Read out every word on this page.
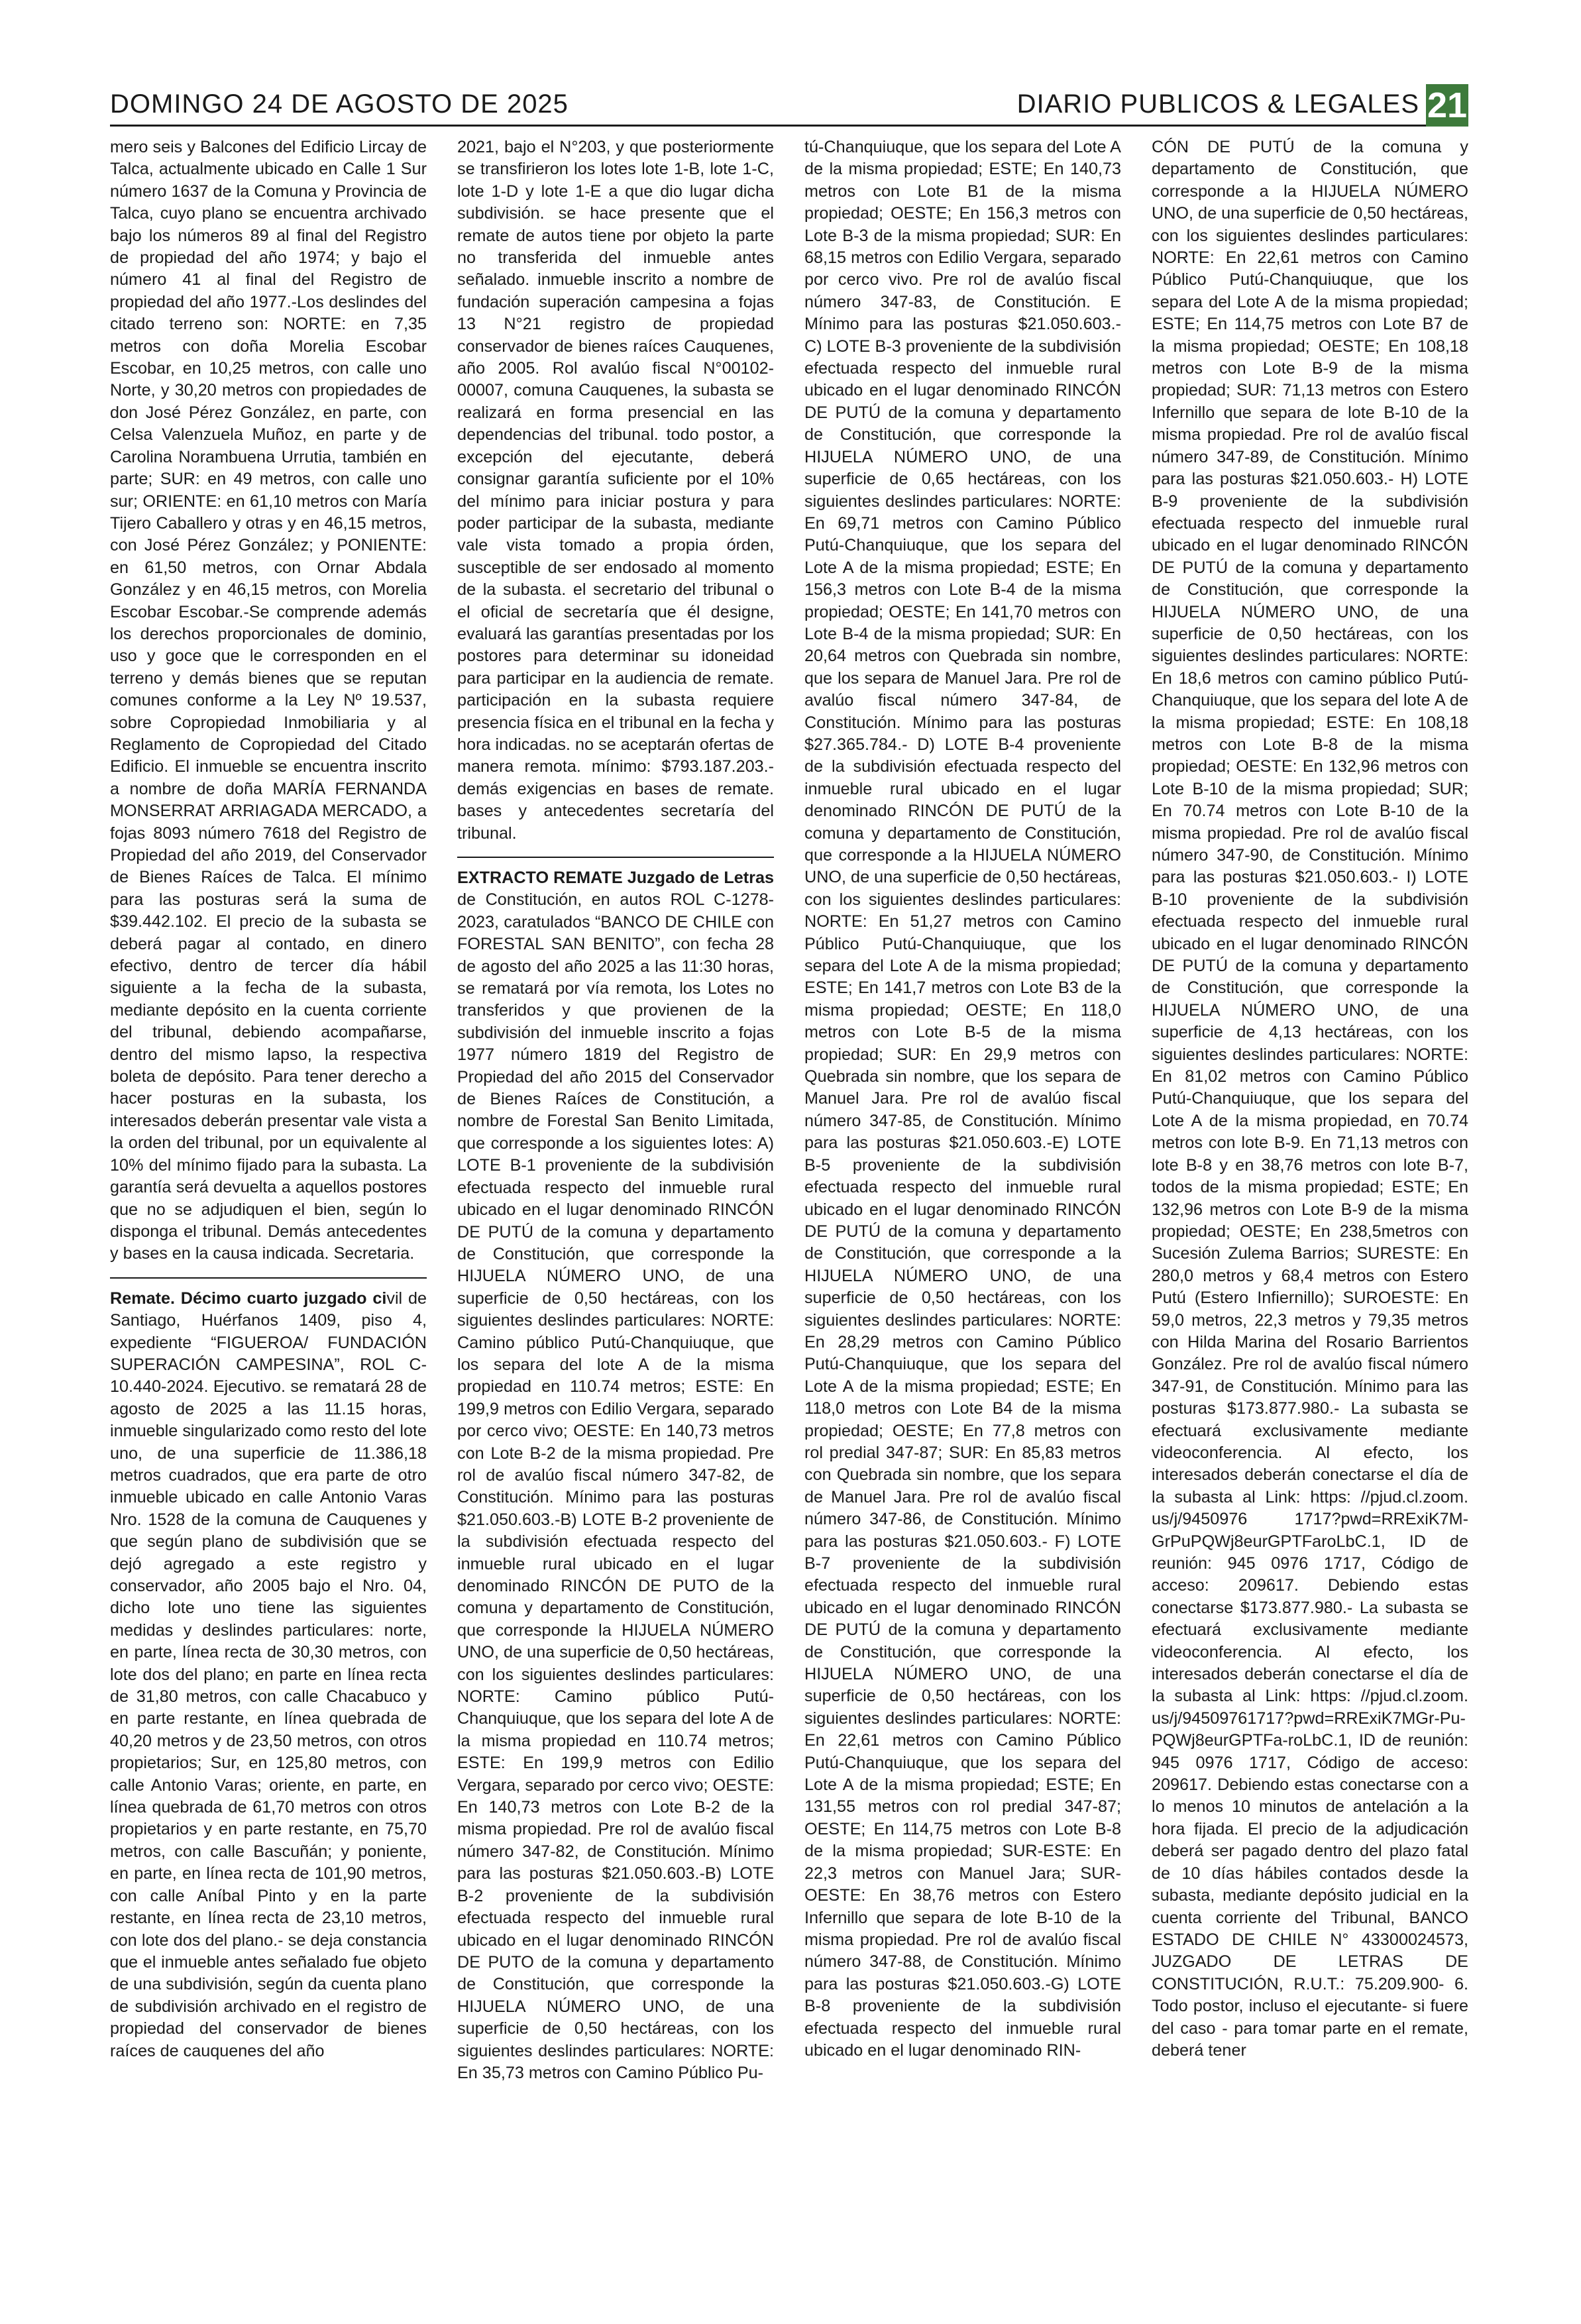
DOMINGO 24 DE AGOSTO DE 2025	DIARIO PUBLICOS & LEGALES 21

mero seis y Balcones del Edificio Lircay de Talca, actualmente ubicado en Calle 1 Sur número 1637 de la Comuna y Provincia de Talca, cuyo plano se encuentra archivado bajo los números 89 al final del Registro de propiedad del año 1974; y bajo el número 41 al final del Registro de propiedad del año 1977.-Los deslindes del citado terreno son: NORTE: en 7,35 metros con doña Morelia Escobar Escobar, en 10,25 metros, con calle uno Norte, y 30,20 metros con propiedades de don José Pérez González, en parte, con Celsa Valenzuela Muñoz, en parte y de Carolina Norambuena Urrutia, también en parte; SUR: en 49 metros, con calle uno sur; ORIENTE: en 61,10 metros con María Tijero Caballero y otras y en 46,15 metros, con José Pérez González; y PONIENTE: en 61,50 metros, con Ornar Abdala González y en 46,15 metros, con Morelia Escobar Escobar.-Se comprende además los derechos proporcionales de dominio, uso y goce que le corresponden en el terreno y demás bienes que se reputan comunes conforme a la Ley Nº 19.537, sobre Copropiedad Inmobiliaria y al Reglamento de Copropiedad del Citado Edificio. El inmueble se encuentra inscrito a nombre de doña MARÍA FERNANDA MONSERRAT ARRIAGADA MERCADO, a fojas 8093 número 7618 del Registro de Propiedad del año 2019, del Conservador de Bienes Raíces de Talca. El mínimo para las posturas será la suma de $39.442.102. El precio de la subasta se deberá pagar al contado, en dinero efectivo, dentro de tercer día hábil siguiente a la fecha de la subasta, mediante depósito en la cuenta corriente del tribunal, debiendo acompañarse, dentro del mismo lapso, la respectiva boleta de depósito. Para tener derecho a hacer posturas en la subasta, los interesados deberán presentar vale vista a la orden del tribunal, por un equivalente al 10% del mínimo fijado para la subasta. La garantía será devuelta a aquellos postores que no se adjudiquen el bien, según lo disponga el tribunal. Demás antecedentes y bases en la causa indicada. Secretaria.

Remate. Décimo cuarto juzgado civil de Santiago, Huérfanos 1409, piso 4, expediente “FIGUEROA/ FUNDACIÓN SUPERACIÓN CAMPESINA”, ROL C-10.440-2024. Ejecutivo. se rematará 28 de agosto de 2025 a las 11.15 horas, inmueble singularizado como resto del lote uno, de una superficie de 11.386,18 metros cuadrados, que era parte de otro inmueble ubicado en calle Antonio Varas Nro. 1528 de la comuna de Cauquenes y que según plano de subdivisión que se dejó agregado a este registro y conservador, año 2005 bajo el Nro. 04, dicho lote uno tiene las siguientes medidas y deslindes particulares: norte, en parte, línea recta de 30,30 metros, con lote dos del plano; en parte en línea recta de 31,80 metros, con calle Chacabuco y en parte restante, en línea quebrada de 40,20 metros y de 23,50 metros, con otros propietarios; Sur, en 125,80 metros, con calle Antonio Varas; oriente, en parte, en línea quebrada de 61,70 metros con otros propietarios y en parte restante, en 75,70 metros, con calle Bascuñán; y poniente, en parte, en línea recta de 101,90 metros, con calle Aníbal Pinto y en la parte restante, en línea recta de 23,10 metros, con lote dos del plano.- se deja constancia que el inmueble antes señalado fue objeto de una subdivisión, según da cuenta plano de subdivisión archivado en el registro de propiedad del conservador de bienes raíces de cauquenes del año

2021, bajo el N°203, y que posteriormente se transfirieron los lotes lote 1-B, lote 1-C, lote 1-D y lote 1-E a que dio lugar dicha subdivisión. se hace presente que el remate de autos tiene por objeto la parte no transferida del inmueble antes señalado. inmueble inscrito a nombre de fundación superación campesina a fojas 13 N°21 registro de propiedad conservador de bienes raíces Cauquenes, año 2005. Rol avalúo fiscal N°00102-00007, comuna Cauquenes, la subasta se realizará en forma presencial en las dependencias del tribunal. todo postor, a excepción del ejecutante, deberá consignar garantía suficiente por el 10% del mínimo para iniciar postura y para poder participar de la subasta, mediante vale vista tomado a propia órden, susceptible de ser endosado al momento de la subasta. el secretario del tribunal o el oficial de secretaría que él designe, evaluará las garantías presentadas por los postores para determinar su idoneidad para participar en la audiencia de remate. participación en la subasta requiere presencia física en el tribunal en la fecha y hora indicadas. no se aceptarán ofertas de manera remota. mínimo: $793.187.203.- demás exigencias en bases de remate. bases y antecedentes secretaría del tribunal.

EXTRACTO REMATE Juzgado de Letras de Constitución, en autos ROL C-1278-2023, caratulados “BANCO DE CHILE con FORESTAL SAN BENITO”, con fecha 28 de agosto del año 2025 a las 11:30 horas, se rematará por vía remota, los Lotes no transferidos y que provienen de la subdivisión del inmueble inscrito a fojas 1977 número 1819 del Registro de Propiedad del año 2015 del Conservador de Bienes Raíces de Constitución, a nombre de Forestal San Benito Limitada, que corresponde a los siguientes lotes: A) LOTE B-1 proveniente de la subdivisión efectuada respecto del inmueble rural ubicado en el lugar denominado RINCÓN DE PUTÚ de la comuna y departamento de Constitución, que corresponde la HIJUELA NÚMERO UNO, de una superficie de 0,50 hectáreas, con los siguientes deslindes particulares: NORTE: Camino público Putú-Chanquiuque, que los separa del lote A de la misma propiedad en 110.74 metros; ESTE: En 199,9 metros con Edilio Vergara, separado por cerco vivo; OESTE: En 140,73 metros con Lote B-2 de la misma propiedad. Pre rol de avalúo fiscal número 347-82, de Constitución. Mínimo para las posturas $21.050.603.-B) LOTE B-2 proveniente de la subdivisión efectuada respecto del inmueble rural ubicado en el lugar denominado RINCÓN DE PUTO de la comuna y departamento de Constitución, que corresponde la HIJUELA NÚMERO UNO, de una superficie de 0,50 hectáreas, con los siguientes deslindes particulares: NORTE: Camino público Putú-Chanquiuque, que los separa del lote A de la misma propiedad en 110.74 metros; ESTE: En 199,9 metros con Edilio Vergara, separado por cerco vivo; OESTE: En 140,73 metros con Lote B-2 de la misma propiedad. Pre rol de avalúo fiscal número 347-82, de Constitución. Mínimo para las posturas $21.050.603.-B) LOTE B-2 proveniente de la subdivisión efectuada respecto del inmueble rural ubicado en el lugar denominado RINCÓN DE PUTO de la comuna y departamento de Constitución, que corresponde la HIJUELA NÚMERO UNO, de una superficie de 0,50 hectáreas, con los siguientes deslindes particulares: NORTE: En 35,73 metros con Camino Público Pu-

tú-Chanquiuque, que los separa del Lote A de la misma propiedad; ESTE; En 140,73 metros con Lote B1 de la misma propiedad; OESTE; En 156,3 metros con Lote B-3 de la misma propiedad; SUR: En 68,15 metros con Edilio Vergara, separado por cerco vivo. Pre rol de avalúo fiscal número 347-83, de Constitución. E Mínimo para las posturas $21.050.603.- C) LOTE B-3 proveniente de la subdivisión efectuada respecto del inmueble rural ubicado en el lugar denominado RINCÓN DE PUTÚ de la comuna y departamento de Constitución, que corresponde la HIJUELA NÚMERO UNO, de una superficie de 0,65 hectáreas, con los siguientes deslindes particulares: NORTE: En 69,71 metros con Camino Público Putú-Chanquiuque, que los separa del Lote A de la misma propiedad; ESTE; En 156,3 metros con Lote B-4 de la misma propiedad; OESTE; En 141,70 metros con Lote B-4 de la misma propiedad; SUR: En 20,64 metros con Quebrada sin nombre, que los separa de Manuel Jara. Pre rol de avalúo fiscal número 347-84, de Constitución. Mínimo para las posturas $27.365.784.- D) LOTE B-4 proveniente de la subdivisión efectuada respecto del inmueble rural ubicado en el lugar denominado RINCÓN DE PUTÚ de la comuna y departamento de Constitución, que corresponde a la HIJUELA NÚMERO UNO, de una superficie de 0,50 hectáreas, con los siguientes deslindes particulares: NORTE: En 51,27 metros con Camino Público Putú-Chanquiuque, que los separa del Lote A de la misma propiedad; ESTE; En 141,7 metros con Lote B3 de la misma propiedad; OESTE; En 118,0 metros con Lote B-5 de la misma propiedad; SUR: En 29,9 metros con Quebrada sin nombre, que los separa de Manuel Jara. Pre rol de avalúo fiscal número 347-85, de Constitución. Mínimo para las posturas $21.050.603.-E) LOTE B-5 proveniente de la subdivisión efectuada respecto del inmueble rural ubicado en el lugar denominado RINCÓN DE PUTÚ de la comuna y departamento de Constitución, que corresponde a la HIJUELA NÚMERO UNO, de una superficie de 0,50 hectáreas, con los siguientes deslindes particulares: NORTE: En 28,29 metros con Camino Público Putú-Chanquiuque, que los separa del Lote A de la misma propiedad; ESTE; En 118,0 metros con Lote B4 de la misma propiedad; OESTE; En 77,8 metros con rol predial 347-87; SUR: En 85,83 metros con Quebrada sin nombre, que los separa de Manuel Jara. Pre rol de avalúo fiscal número 347-86, de Constitución. Mínimo para las posturas $21.050.603.- F) LOTE B-7 proveniente de la subdivisión efectuada respecto del inmueble rural ubicado en el lugar denominado RINCÓN DE PUTÚ de la comuna y departamento de Constitución, que corresponde la HIJUELA NÚMERO UNO, de una superficie de 0,50 hectáreas, con los siguientes deslindes particulares: NORTE: En 22,61 metros con Camino Público Putú-Chanquiuque, que los separa del Lote A de la misma propiedad; ESTE; En 131,55 metros con rol predial 347-87; OESTE; En 114,75 metros con Lote B-8 de la misma propiedad; SUR-ESTE: En 22,3 metros con Manuel Jara; SUR-OESTE: En 38,76 metros con Estero Infernillo que separa de lote B-10 de la misma propiedad. Pre rol de avalúo fiscal número 347-88, de Constitución. Mínimo para las posturas $21.050.603.-G) LOTE B-8 proveniente de la subdivisión efectuada respecto del inmueble rural ubicado en el lugar denominado RIN-

CÓN DE PUTÚ de la comuna y departamento de Constitución, que corresponde a la HIJUELA NÚMERO UNO, de una superficie de 0,50 hectáreas, con los siguientes deslindes particulares: NORTE: En 22,61 metros con Camino Público Putú-Chanquiuque, que los separa del Lote A de la misma propiedad; ESTE; En 114,75 metros con Lote B7 de la misma propiedad; OESTE; En 108,18 metros con Lote B-9 de la misma propiedad; SUR: 71,13 metros con Estero Infernillo que separa de lote B-10 de la misma propiedad. Pre rol de avalúo fiscal número 347-89, de Constitución. Mínimo para las posturas $21.050.603.- H) LOTE B-9 proveniente de la subdivisión efectuada respecto del inmueble rural ubicado en el lugar denominado RINCÓN DE PUTÚ de la comuna y departamento de Constitución, que corresponde la HIJUELA NÚMERO UNO, de una superficie de 0,50 hectáreas, con los siguientes deslindes particulares: NORTE: En 18,6 metros con camino público Putú-Chanquiuque, que los separa del lote A de la misma propiedad; ESTE: En 108,18 metros con Lote B-8 de la misma propiedad; OESTE: En 132,96 metros con Lote B-10 de la misma propiedad; SUR; En 70.74 metros con Lote B-10 de la misma propiedad. Pre rol de avalúo fiscal número 347-90, de Constitución. Mínimo para las posturas $21.050.603.- I) LOTE B-10 proveniente de la subdivisión efectuada respecto del inmueble rural ubicado en el lugar denominado RINCÓN DE PUTÚ de la comuna y departamento de Constitución, que corresponde la HIJUELA NÚMERO UNO, de una superficie de 4,13 hectáreas, con los siguientes deslindes particulares: NORTE: En 81,02 metros con Camino Público Putú-Chanquiuque, que los separa del Lote A de la misma propiedad, en 70.74 metros con lote B-9. En 71,13 metros con lote B-8 y en 38,76 metros con lote B-7, todos de la misma propiedad; ESTE; En 132,96 metros con Lote B-9 de la misma propiedad; OESTE; En 238,5metros con Sucesión Zulema Barrios; SURESTE: En 280,0 metros y 68,4 metros con Estero Putú (Estero Infiernillo); SUROESTE: En 59,0 metros, 22,3 metros y 79,35 metros con Hilda Marina del Rosario Barrientos González. Pre rol de avalúo fiscal número 347-91, de Constitución. Mínimo para las posturas $173.877.980.- La subasta se efectuará exclusivamente mediante videoconferencia. Al efecto, los interesados deberán conectarse el día de la subasta al Link: https: //pjud.cl.zoom. us/j/9450976 1717?pwd=RRExiK7M-GrPuPQWj8eurGPTFaroLbC.1, ID de reunión: 945 0976 1717, Código de acceso: 209617. Debiendo estas conectarse $173.877.980.- La subasta se efectuará exclusivamente mediante videoconferencia. Al efecto, los interesados deberán conectarse el día de la subasta al Link: https: //pjud.cl.zoom. us/j/94509761717?pwd=RRExiK7MGr-Pu-PQWj8eurGPTFa-roLbC.1, ID de reunión: 945 0976 1717, Código de acceso: 209617. Debiendo estas conectarse con a lo menos 10 minutos de antelación a la hora fijada. El precio de la adjudicación deberá ser pagado dentro del plazo fatal de 10 días hábiles contados desde la subasta, mediante depósito judicial en la cuenta corriente del Tribunal, BANCO ESTADO DE CHILE N° 43300024573, JUZGADO DE LETRAS DE CONSTITUCIÓN, R.U.T.: 75.209.900- 6. Todo postor, incluso el ejecutante- si fuere del caso - para tomar parte en el remate, deberá tener
